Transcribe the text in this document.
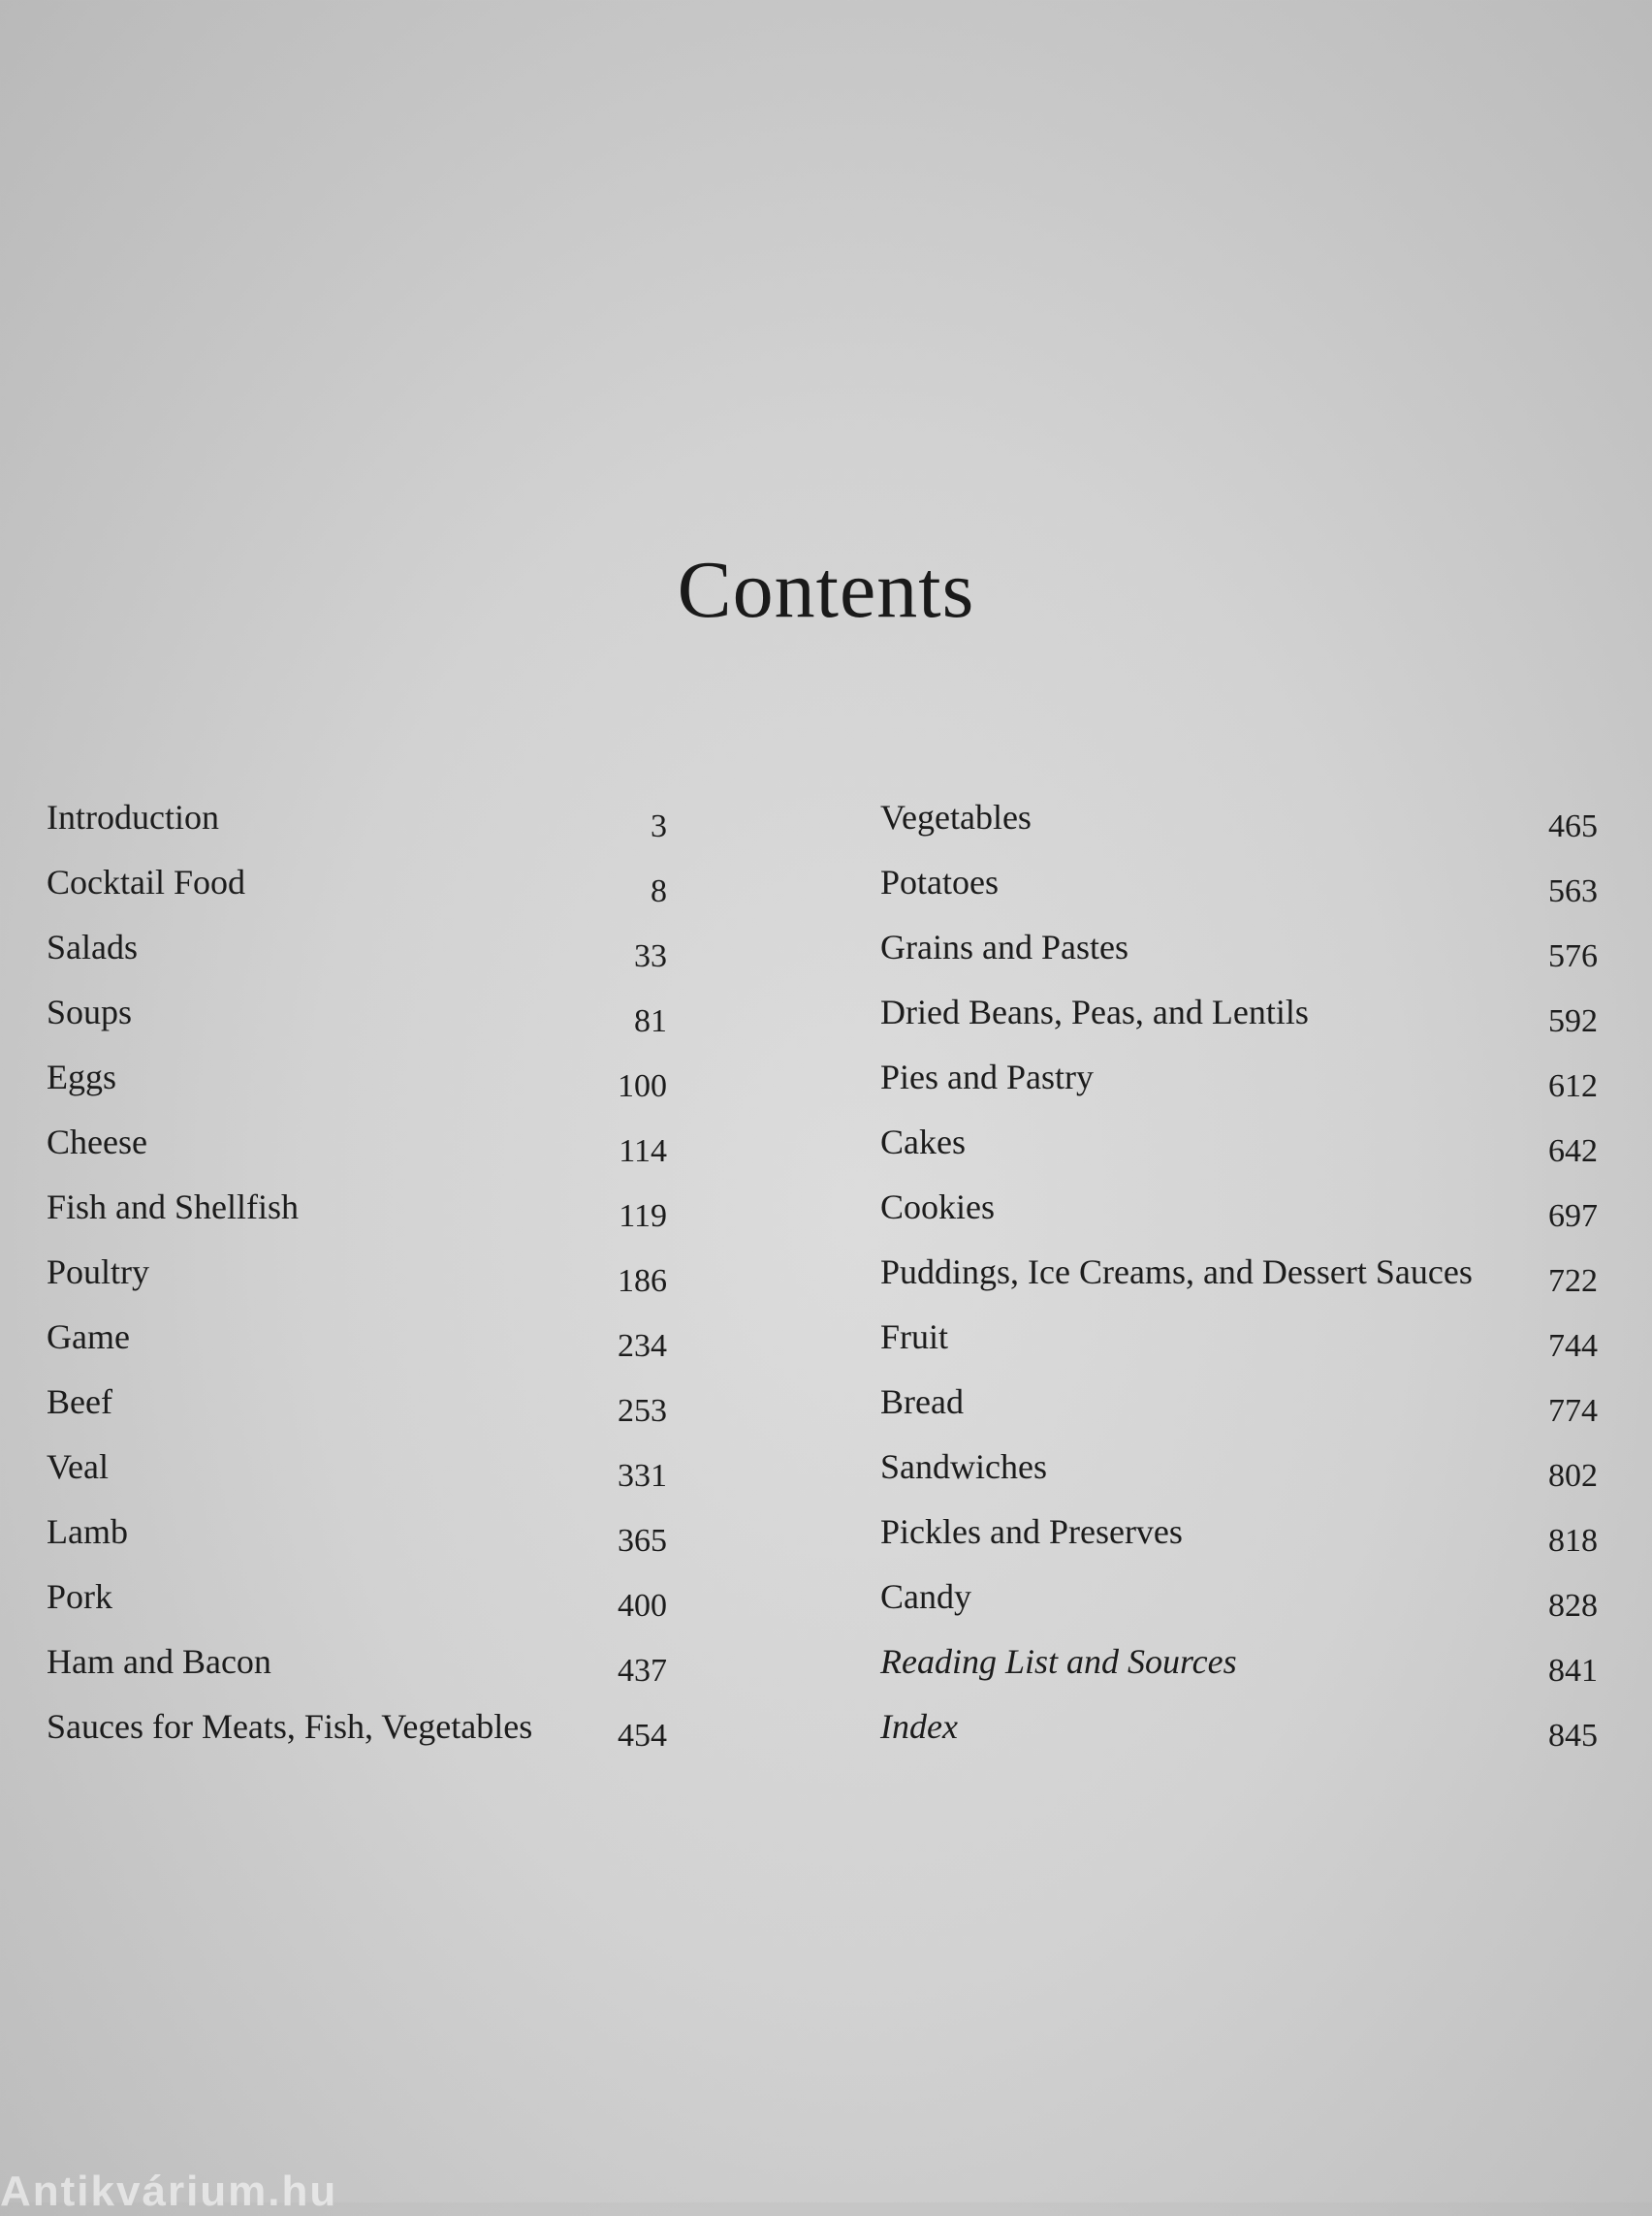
Contents
Introduction	3
Cocktail Food	8
Salads	33
Soups	81
Eggs	100
Cheese	114
Fish and Shellfish	119
Poultry	186
Game	234
Beef	253
Veal	331
Lamb	365
Pork	400
Ham and Bacon	437
Sauces for Meats, Fish, Vegetables	454
Vegetables	465
Potatoes	563
Grains and Pastes	576
Dried Beans, Peas, and Lentils	592
Pies and Pastry	612
Cakes	642
Cookies	697
Puddings, Ice Creams, and Dessert Sauces 722
Fruit	744
Bread	774
Sandwiches	802
Pickles and Preserves	818
Candy	828
Reading List and Sources	841
Index	845
Antikvárium.hu
